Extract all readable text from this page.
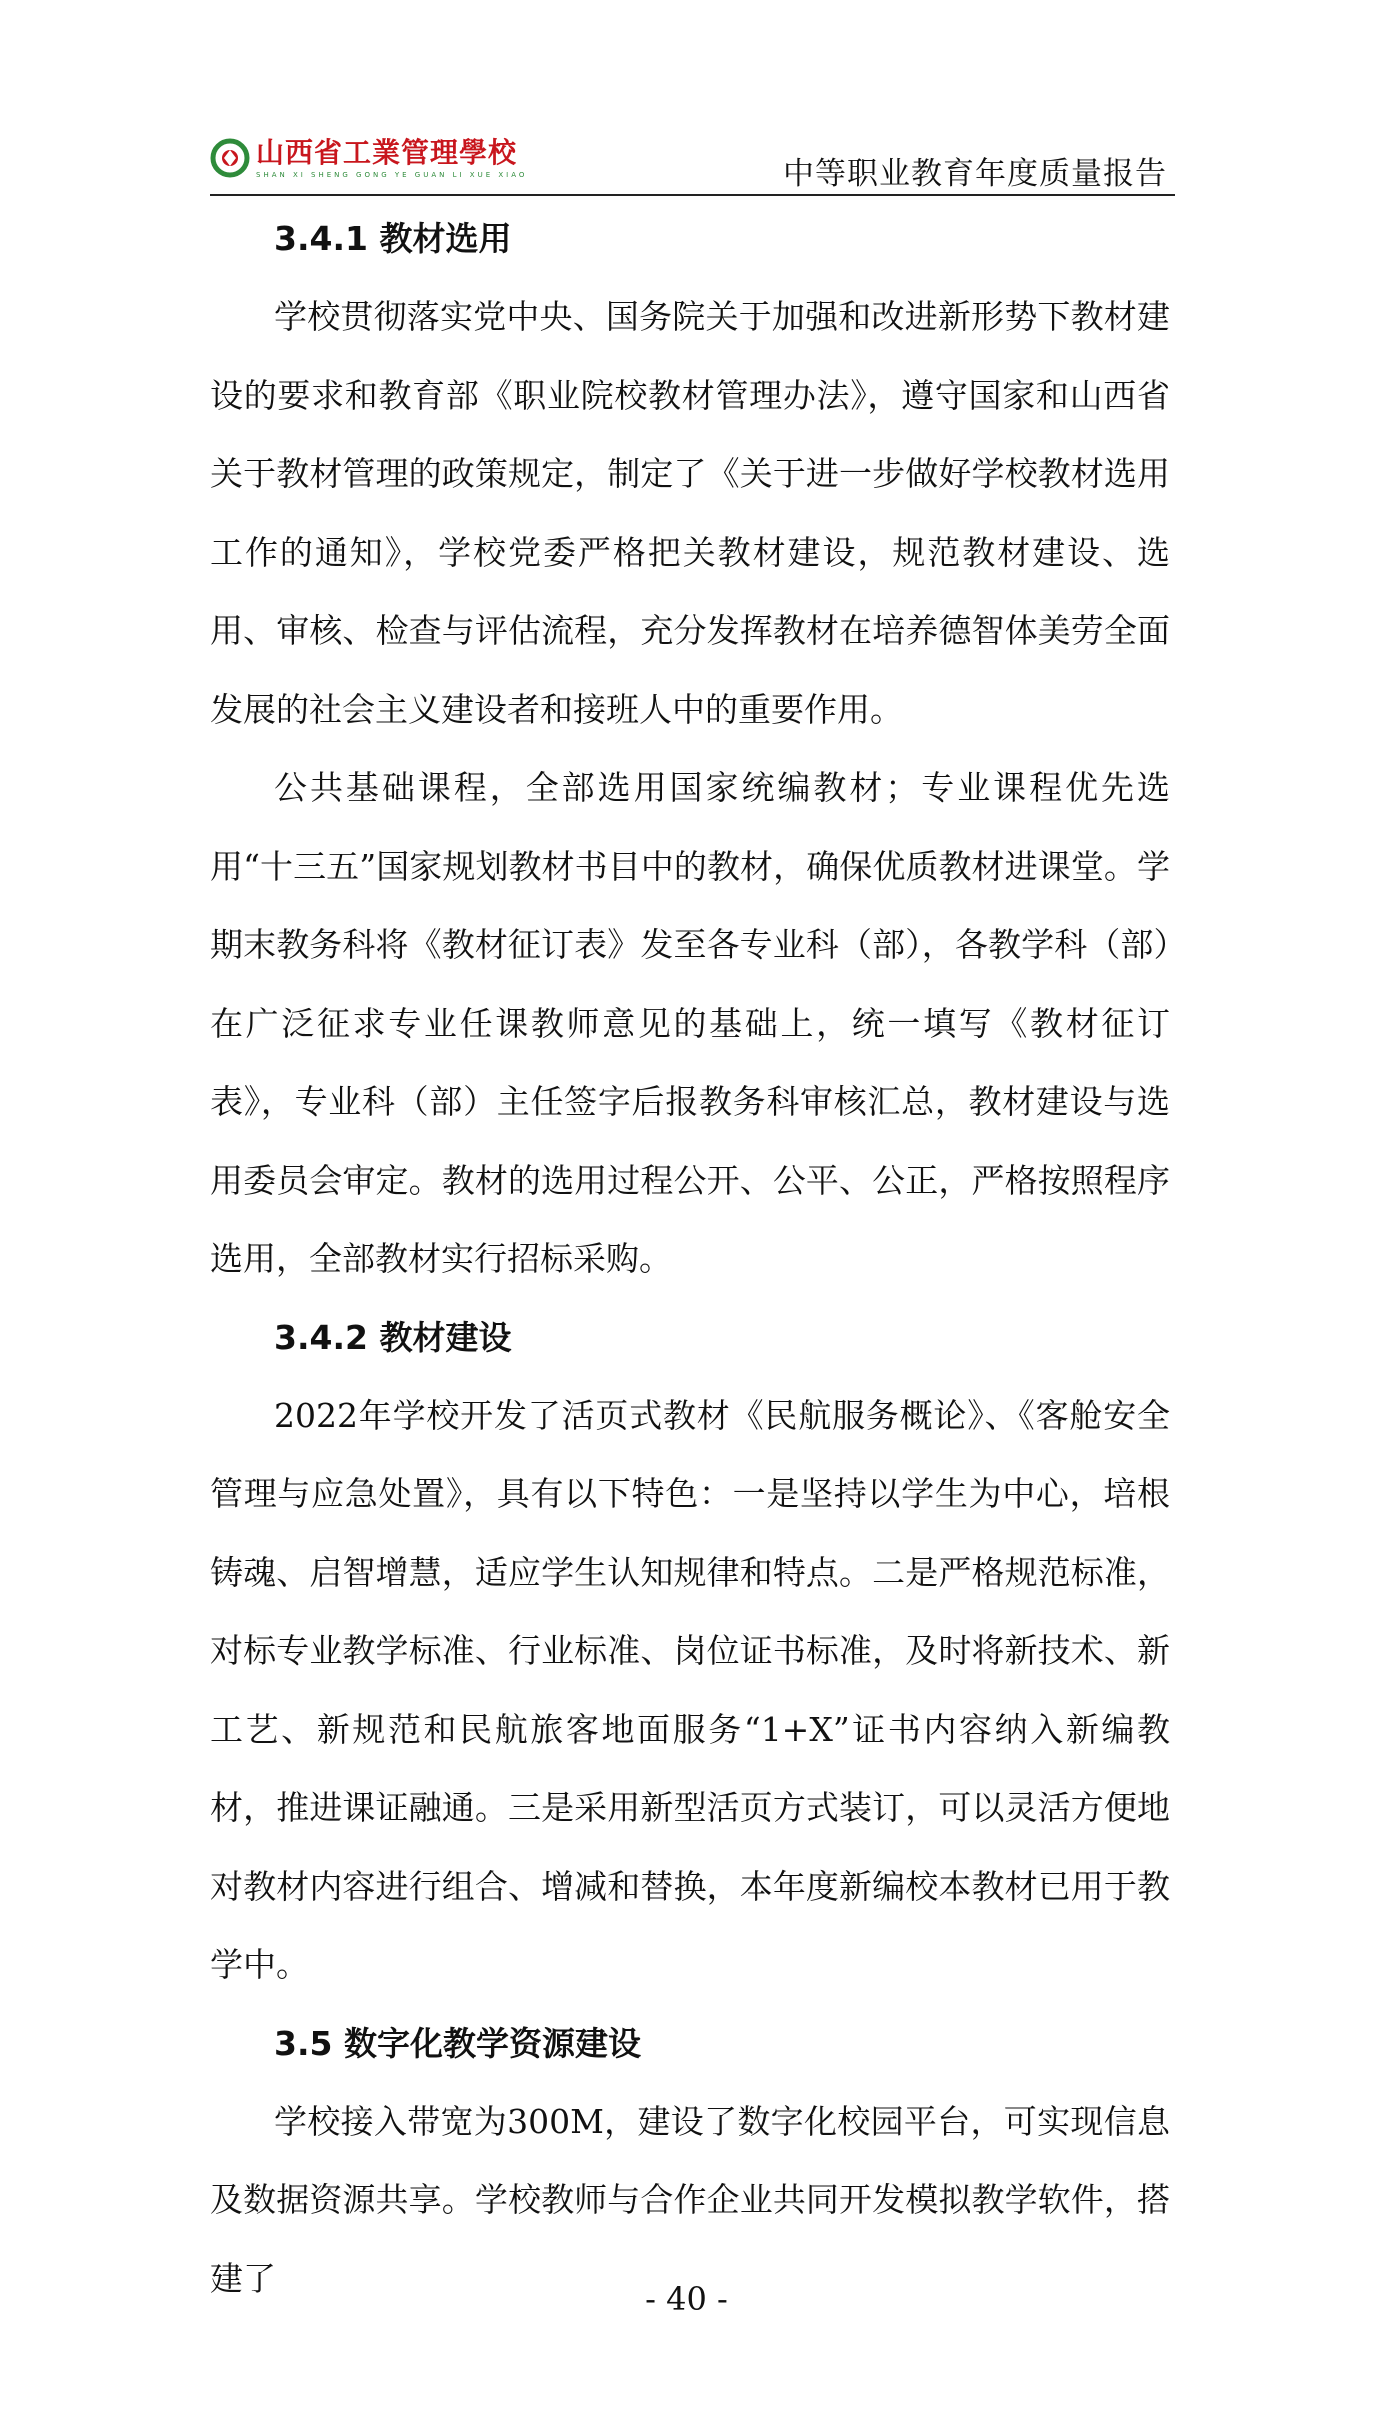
山西省工業管理學校
SHAN XI SHENG GONG YE GUAN LI XUE XIAO	中等职业教育年度质量报告
3.4.1 教材选用

学校贯彻落实党中央、国务院关于加强和改进新形势下教材建设的要求和教育部《职业院校教材管理办法》，遵守国家和山西省关于教材管理的政策规定，制定了《关于进一步做好学校教材选用工作的通知》，学校党委严格把关教材建设，规范教材建设、选用、审核、检查与评估流程，充分发挥教材在培养德智体美劳全面发展的社会主义建设者和接班人中的重要作用。

公共基础课程，全部选用国家统编教材；专业课程优先选用“十三五”国家规划教材书目中的教材，确保优质教材进课堂。学期末教务科将《教材征订表》发至各专业科（部），各教学科（部）在广泛征求专业任课教师意见的基础上，统一填写《教材征订表》，专业科（部）主任签字后报教务科审核汇总，教材建设与选用委员会审定。教材的选用过程公开、公平、公正，严格按照程序选用，全部教材实行招标采购。

3.4.2 教材建设

2022年学校开发了活页式教材《民航服务概论》、《客舱安全管理与应急处置》，具有以下特色：一是坚持以学生为中心，培根铸魂、启智增慧，适应学生认知规律和特点。二是严格规范标准，对标专业教学标准、行业标准、岗位证书标准，及时将新技术、新工艺、新规范和民航旅客地面服务“1+X”证书内容纳入新编教材，推进课证融通。三是采用新型活页方式装订，可以灵活方便地对教材内容进行组合、增减和替换，本年度新编校本教材已用于教学中。

3.5 数字化教学资源建设

学校接入带宽为300M，建设了数字化校园平台，可实现信息及数据资源共享。学校教师与合作企业共同开发模拟教学软件，搭建了

- 40 -
